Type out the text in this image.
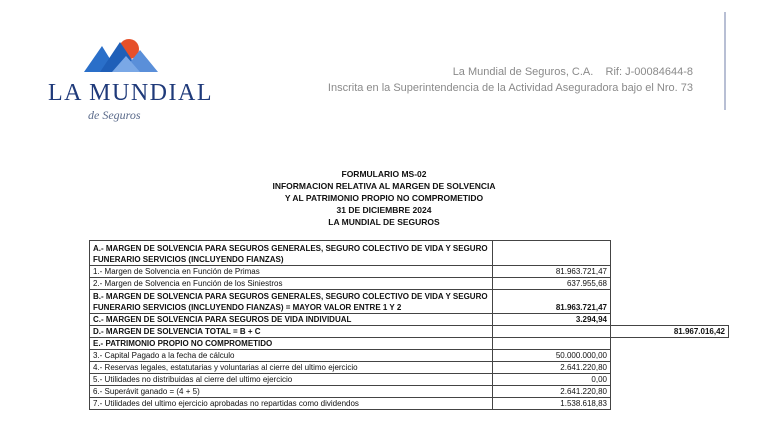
LA MUNDIAL
de Seguros
La Mundial de Seguros, C.A.    Rif: J-00084644-8
Inscrita en la Superintendencia de la Actividad Aseguradora bajo el Nro. 73
FORMULARIO MS-02
INFORMACION RELATIVA AL MARGEN DE SOLVENCIA
Y AL PATRIMONIO PROPIO NO COMPROMETIDO
31 DE DICIEMBRE 2024
LA MUNDIAL DE SEGUROS
A.- MARGEN DE SOLVENCIA PARA SEGUROS GENERALES, SEGURO COLECTIVO DE VIDA Y SEGURO FUNERARIO SERVICIOS (INCLUYENDO FIANZAS)		
1.- Margen de Solvencia en Función de Primas	81.963.721,47	
2.- Margen de Solvencia en Función de los Siniestros	637.955,68	
B.- MARGEN DE SOLVENCIA PARA SEGUROS GENERALES, SEGURO COLECTIVO DE VIDA Y SEGURO FUNERARIO SERVICIOS (INCLUYENDO FIANZAS) = MAYOR VALOR ENTRE 1 Y 2	81.963.721,47	
C.- MARGEN DE SOLVENCIA PARA SEGUROS DE VIDA INDIVIDUAL	3.294,94	
D.- MARGEN DE SOLVENCIA TOTAL = B + C		81.967.016,42
E.- PATRIMONIO PROPIO NO COMPROMETIDO		
3.- Capital Pagado a la fecha de cálculo	50.000.000,00	
4.- Reservas legales, estatutarias y voluntarias al cierre del ultimo ejercicio	2.641.220,80	
5.- Utilidades no distribuidas al cierre del ultimo ejercicio	0,00	
6.- Superávit ganado = (4 + 5)	2.641.220,80	
7.- Utilidades del ultimo ejercicio aprobadas no repartidas como dividendos	1.538.618,83	
